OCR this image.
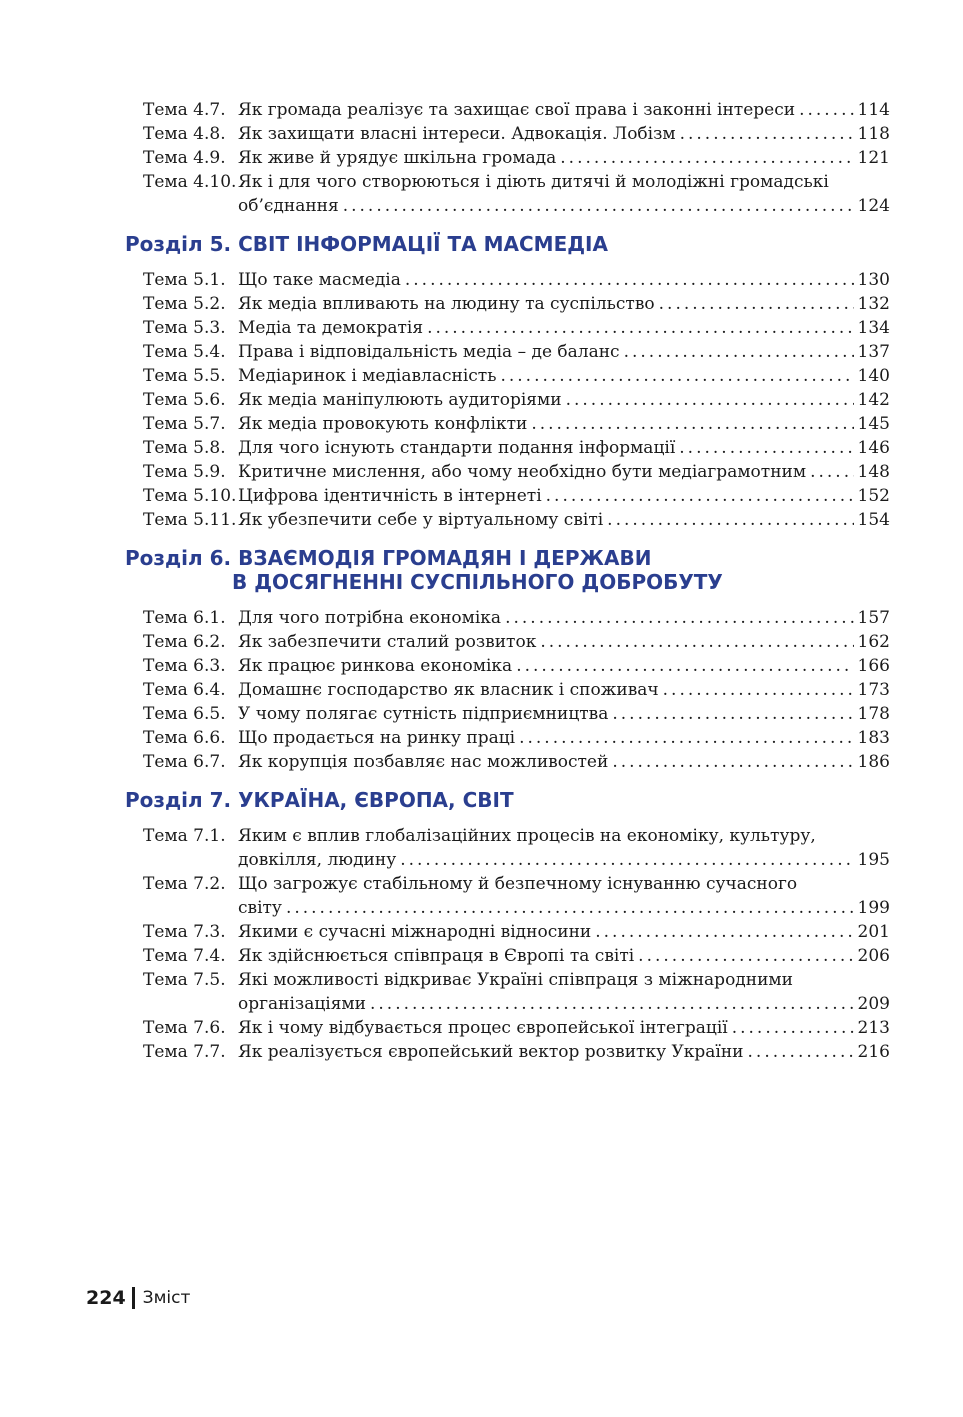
Тема 4.7. Як громада реалізує та захищає свої права і законні інтереси .....	114
Тема 4.8. Як захищати власні інтереси. Адвокація. Лобізм .....	118
Тема 4.9. Як живе й урядує шкільна громада .....	121
Тема 4.10. Як і для чого створюються і діють дитячі й молодіжні громадські
об’єднання .....	124
Розділ 5. СВІТ ІНФОРМАЦІЇ ТА МАСМЕДІА
Тема 5.1. Що таке масмедіа .....	130
Тема 5.2. Як медіа впливають на людину та суспільство .....	132
Тема 5.3. Медіа та демократія .....	134
Тема 5.4. Права і відповідальність медіа – де баланс .....	137
Тема 5.5. Медіаринок і медіавласність .....	140
Тема 5.6. Як медіа маніпулюють аудиторіями .....	142
Тема 5.7. Як медіа провокують конфлікти .....	145
Тема 5.8. Для чого існують стандарти подання інформації .....	146
Тема 5.9. Критичне мислення, або чому необхідно бути медіаграмотним .....	148
Тема 5.10. Цифрова ідентичність в інтернеті .....	152
Тема 5.11. Як убезпечити себе у віртуальному світі .....	154
Розділ 6. ВЗАЄМОДІЯ ГРОМАДЯН І ДЕРЖАВИ
В ДОСЯГНЕННІ СУСПІЛЬНОГО ДОБРОБУТУ
Тема 6.1. Для чого потрібна економіка .....	157
Тема 6.2. Як забезпечити сталий розвиток .....	162
Тема 6.3. Як працює ринкова економіка .....	166
Тема 6.4. Домашнє господарство як власник і споживач .....	173
Тема 6.5. У чому полягає сутність підприємництва .....	178
Тема 6.6. Що продається на ринку праці .....	183
Тема 6.7. Як корупція позбавляє нас можливостей .....	186
Розділ 7. УКРАЇНА, ЄВРОПА, СВІТ
Тема 7.1. Яким є вплив глобалізаційних процесів на економіку, культуру,
довкілля, людину .....	195
Тема 7.2. Що загрожує стабільному й безпечному існуванню сучасного
світу .....	199
Тема 7.3. Якими є сучасні міжнародні відносини .....	201
Тема 7.4. Як здійснюється співпраця в Європі та світі .....	206
Тема 7.5. Які можливості відкриває Україні співпраця з міжнародними
організаціями .....	209
Тема 7.6. Як і чому відбувається процес європейської інтеграції .....	213
Тема 7.7. Як реалізується європейський вектор розвитку України .....	216
224 Зміст
